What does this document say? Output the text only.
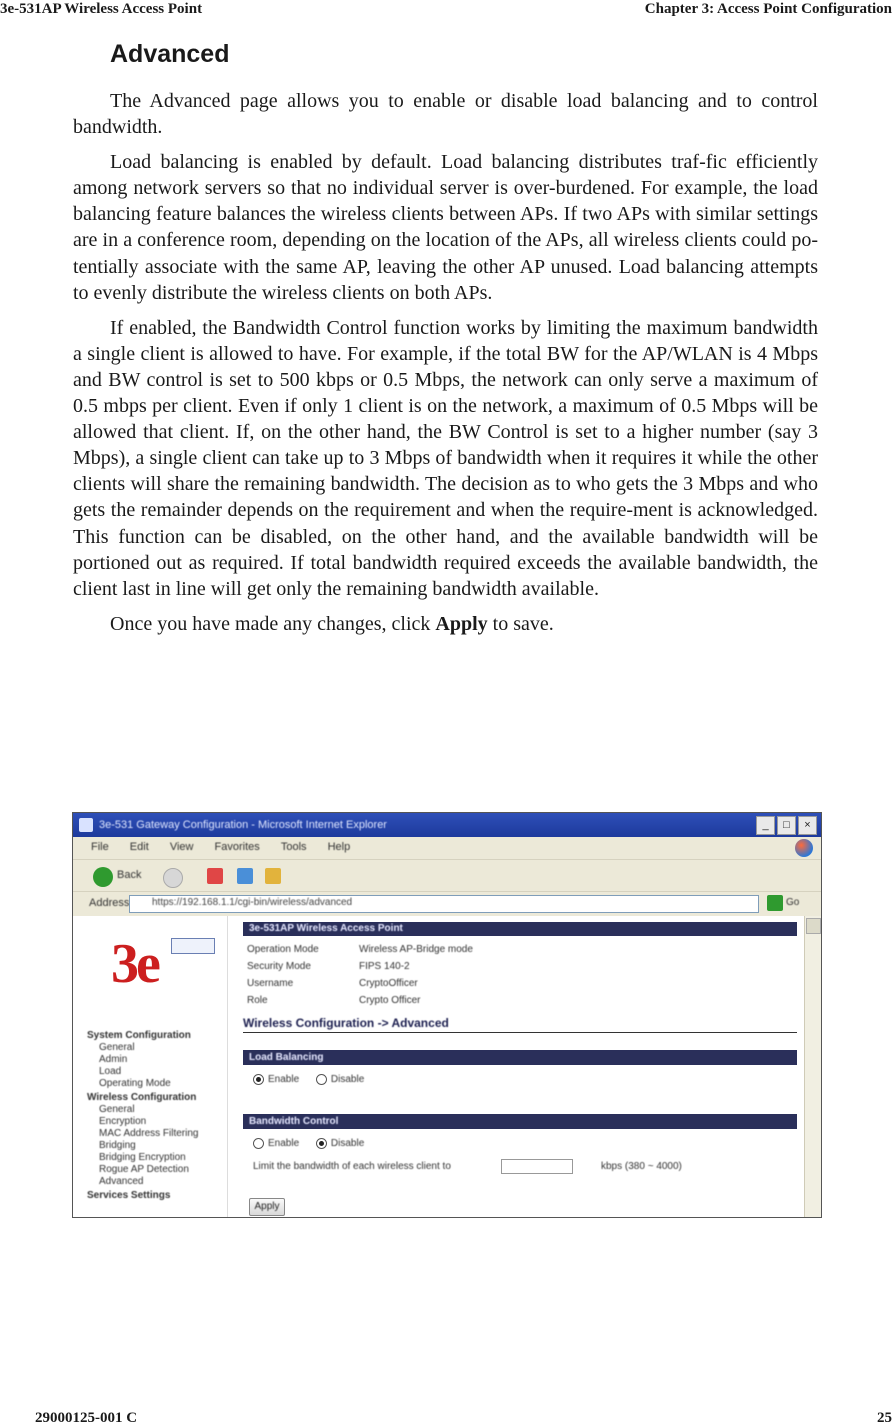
3e-531AP Wireless Access Point	Chapter 3: Access Point Configuration
Advanced

The Advanced page allows you to enable or disable load balancing and to control bandwidth.

Load balancing is enabled by default. Load balancing distributes traf-fic efficiently among network servers so that no individual server is over-burdened. For example, the load balancing feature balances the wireless clients between APs. If two APs with similar settings are in a conference room, depending on the location of the APs, all wireless clients could po-tentially associate with the same AP, leaving the other AP unused. Load balancing attempts to evenly distribute the wireless clients on both APs.

If enabled, the Bandwidth Control function works by limiting the maximum bandwidth a single client is allowed to have. For example, if the total BW for the AP/WLAN is 4 Mbps and BW control is set to 500 kbps or 0.5 Mbps, the network can only serve a maximum of 0.5 mbps per client. Even if only 1 client is on the network, a maximum of 0.5 Mbps will be allowed that client. If, on the other hand, the BW Control is set to a higher number (say 3 Mbps), a single client can take up to 3 Mbps of bandwidth when it requires it while the other clients will share the remaining bandwidth. The decision as to who gets the 3 Mbps and who gets the remainder depends on the requirement and when the require-ment is acknowledged. This function can be disabled, on the other hand, and the available bandwidth will be portioned out as required. If total bandwidth required exceeds the available bandwidth, the client last in line will get only the remaining bandwidth available.

Once you have made any changes, click Apply to save.

3e-531 Gateway Configuration - Microsoft Internet Explorer	_	□	×
File Edit View Favorites Tools Help
Back
Address https://192.168.1.1/cgi-bin/wireless/advanced	Go
3e
System Configuration
General
Admin
Load
Operating Mode
Wireless Configuration
General
Encryption
MAC Address Filtering
Bridging
Bridging Encryption
Rogue AP Detection
Advanced
Services Settings
3e-531AP Wireless Access Point
Operation Mode	Wireless AP-Bridge mode
Security Mode	FIPS 140-2
Username	CryptoOfficer
Role	Crypto Officer
Wireless Configuration -> Advanced
Load Balancing
Enable	Disable
Bandwidth Control
Enable	Disable
Limit the bandwidth of each wireless client to	kbps (380 ~ 4000)
Apply
29000125-001 C	25
